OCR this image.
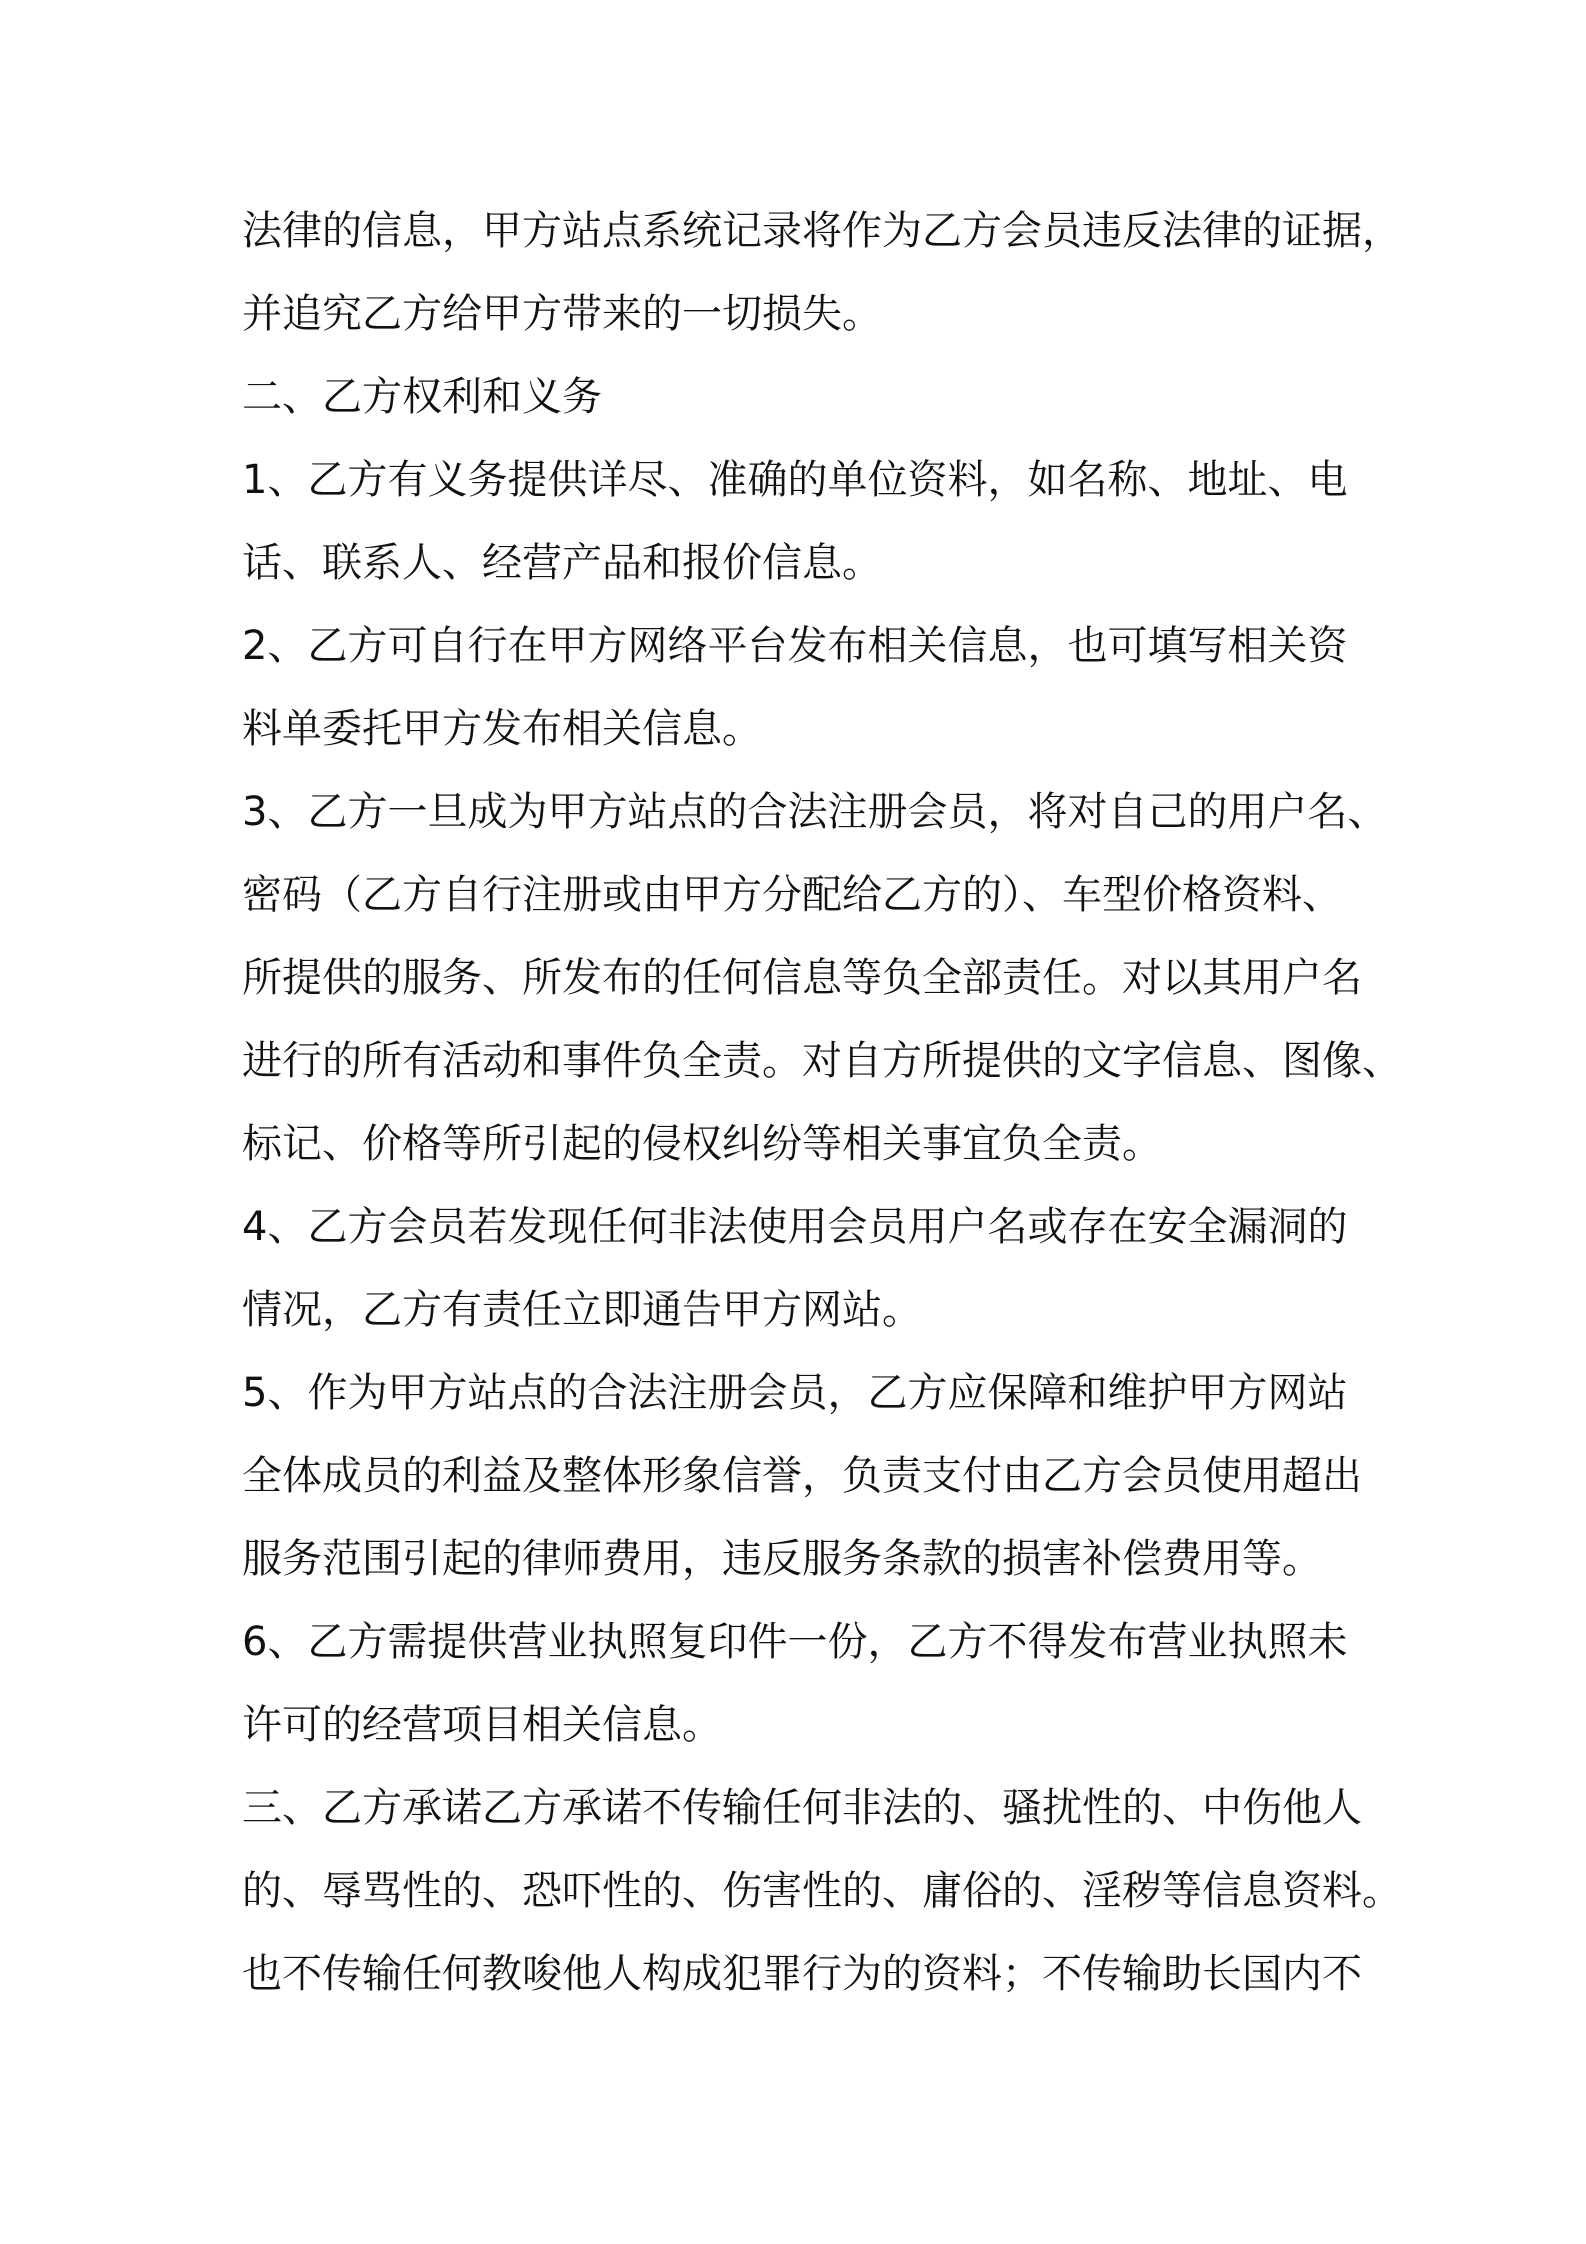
法律的信息，甲方站点系统记录将作为乙方会员违反法律的证据，
并追究乙方给甲方带来的一切损失。
二、乙方权利和义务
1、乙方有义务提供详尽、准确的单位资料，如名称、地址、电
话、联系人、经营产品和报价信息。
2、乙方可自行在甲方网络平台发布相关信息，也可填写相关资
料单委托甲方发布相关信息。
3、乙方一旦成为甲方站点的合法注册会员，将对自己的用户名、
密码（乙方自行注册或由甲方分配给乙方的）、车型价格资料、
所提供的服务、所发布的任何信息等负全部责任。对以其用户名
进行的所有活动和事件负全责。对自方所提供的文字信息、图像、
标记、价格等所引起的侵权纠纷等相关事宜负全责。
4、乙方会员若发现任何非法使用会员用户名或存在安全漏洞的
情况，乙方有责任立即通告甲方网站。
5、作为甲方站点的合法注册会员，乙方应保障和维护甲方网站
全体成员的利益及整体形象信誉，负责支付由乙方会员使用超出
服务范围引起的律师费用，违反服务条款的损害补偿费用等。
6、乙方需提供营业执照复印件一份，乙方不得发布营业执照未
许可的经营项目相关信息。
三、乙方承诺乙方承诺不传输任何非法的、骚扰性的、中伤他人
的、辱骂性的、恐吓性的、伤害性的、庸俗的、淫秽等信息资料。
也不传输任何教唆他人构成犯罪行为的资料；不传输助长国内不
